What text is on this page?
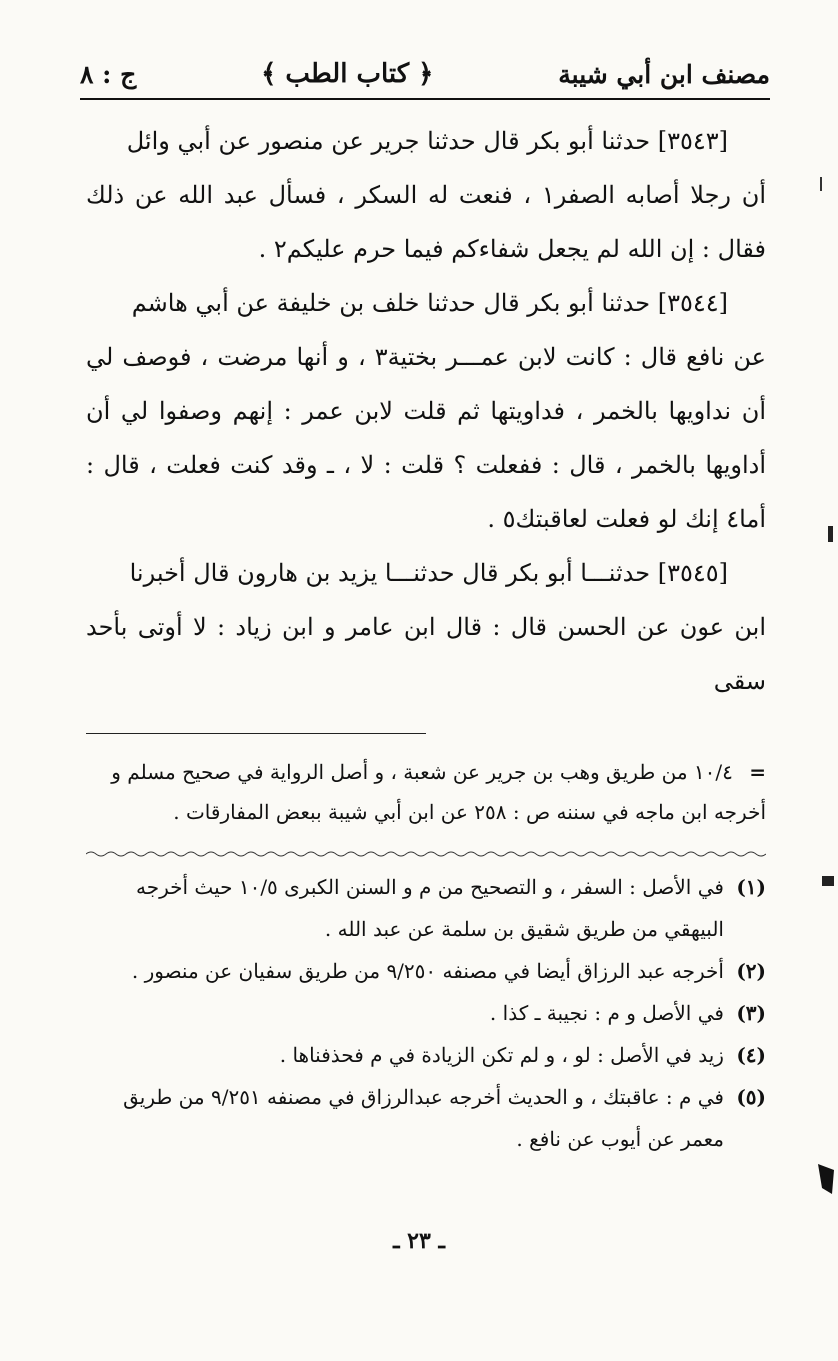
مصنف ابن أبي شيبة
﴿ كتاب الطب ﴾
ج : ٨

[٣٥٤٣] حدثنا أبو بكر قال حدثنا جرير عن منصور عن أبي وائل
أن رجلا أصابه الصفر١ ، فنعت له السكر ، فسأل عبد الله عن ذلك فقال : إن الله لم يجعل شفاءكم فيما حرم عليكم٢ .

[٣٥٤٤] حدثنا أبو بكر قال حدثنا خلف بن خليفة عن أبي هاشم
عن نافع قال : كانت لابن عمـــر بختية٣ ، و أنها مرضت ، فوصف لي أن نداويها بالخمر ، فداويتها ثم قلت لابن عمر : إنهم وصفوا لي أن أداويها بالخمر ، قال : ففعلت ؟ قلت : لا ، ـ وقد كنت فعلت ، قال : أما٤ إنك لو فعلت لعاقبتك٥ .

[٣٥٤٥] حدثنـــا أبو بكر قال حدثنـــا يزيد بن هارون قال أخبرنا
ابن عون عن الحسن قال : قال ابن عامر و ابن زياد : لا أوتى بأحد سقى

= ١٠/٤ من طريق وهب بن جرير عن شعبة ، و أصل الرواية في صحيح مسلم و أخرجه ابن ماجه في سننه ص : ٢٥٨ عن ابن أبي شيبة ببعض المفارقات .

(١) في الأصل : السفر ، و التصحيح من م و السنن الكبرى ١٠/٥ حيث أخرجه
البيهقي من طريق شقيق بن سلمة عن عبد الله .

(٢) أخرجه عبد الرزاق أيضا في مصنفه ٩/٢٥٠ من طريق سفيان عن منصور .

(٣) في الأصل و م : نجيبة ـ كذا .

(٤) زيد في الأصل : لو ، و لم تكن الزيادة في م فحذفناها .

(٥) في م : عاقبتك ، و الحديث أخرجه عبدالرزاق في مصنفه ٩/٢٥١ من طريق
معمر عن أيوب عن نافع .

ـ ٢٣ ـ
